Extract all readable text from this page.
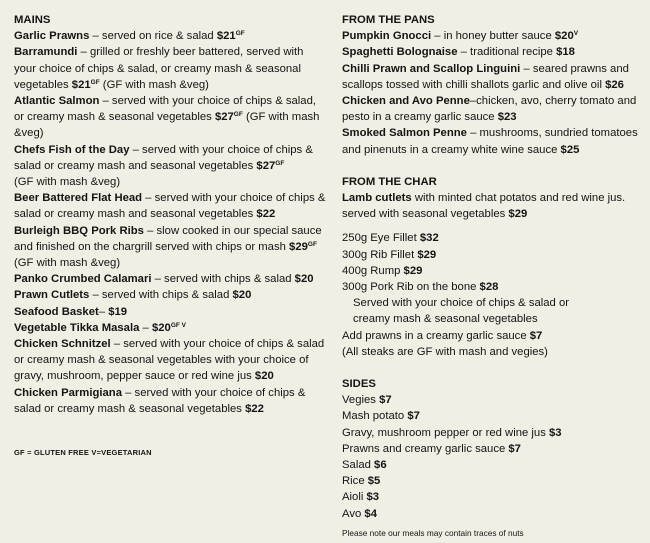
MAINS

Garlic Prawns – served on rice & salad $\$21^{GF}$

Barramundi – grilled or freshly beer battered, served with your choice of chips & salad, or creamy mash & seasonal vegetables $\$21^{GF}$ (GF with mash &veg)

Atlantic Salmon – served with your choice of chips & salad, or creamy mash & seasonal vegetables $\$27^{GF}$ (GF with mash &veg)

Chefs Fish of the Day – served with your choice of chips & salad or creamy mash and seasonal vegetables $\$27^{GF}$
(GF with mash &veg)

Beer Battered Flat Head – served with your choice of chips & salad or creamy mash and seasonal vegetables $22

Burleigh BBQ Pork Ribs – slow cooked in our special sauce and finished on the chargrill served with chips or mash $\$29^{GF}$
(GF with mash &veg)

Panko Crumbed Calamari – served with chips & salad $20

Prawn Cutlets – served with chips & salad $20

Seafood Basket– $19

Vegetable Tikka Masala – $\$20^{GF V}$

Chicken Schnitzel – served with your choice of chips & salad or creamy mash & seasonal vegetables with your choice of gravy, mushroom, pepper sauce or red wine jus $20

Chicken Parmigiana – served with your choice of chips & salad or creamy mash & seasonal vegetables $22

GF = GLUTEN FREE V=VEGETARIAN

FROM THE PANS

Pumpkin Gnocci – in honey butter sauce $\$20^V$

Spaghetti Bolognaise – traditional recipe $18

Chilli Prawn and Scallop Linguini – seared prawns and scallops tossed with chilli shallots garlic and olive oil $26

Chicken and Avo Penne–chicken, avo, cherry tomato and pesto in a creamy garlic sauce $23

Smoked Salmon Penne – mushrooms, sundried tomatoes and pinenuts in a creamy white wine sauce $25

FROM THE CHAR

Lamb cutlets with minted chat potatos and red wine jus. served with seasonal vegetables $29

250g Eye Fillet $32

300g Rib Fillet $29

400g Rump $29

300g Pork Rib on the bone $28

Served with your choice of chips & salad or

creamy mash & seasonal vegetables

Add prawns in a creamy garlic sauce $7

(All steaks are GF with mash and vegies)

SIDES

Vegies $7

Mash potato $7

Gravy, mushroom pepper or red wine jus $3

Prawns and creamy garlic sauce $7

Salad $6

Rice $5

Aioli $3

Avo $4

Please note our meals may contain traces of nuts
